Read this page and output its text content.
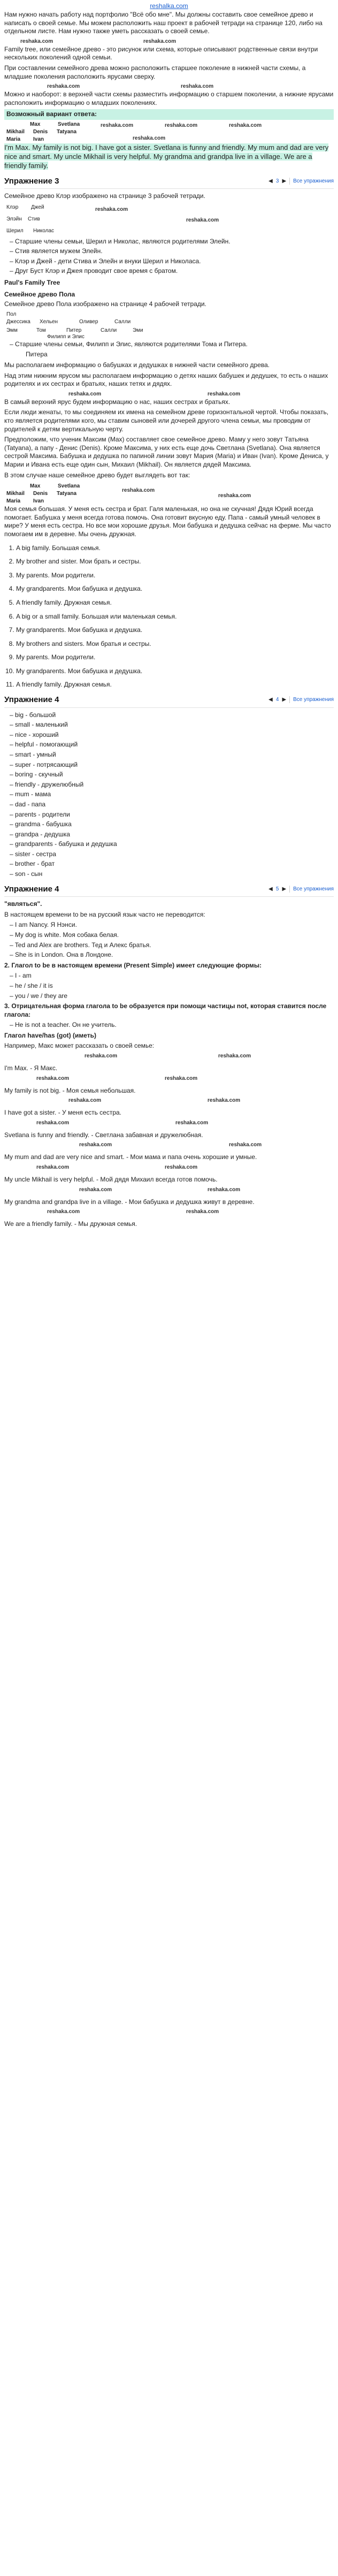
reshalka.com

Нам нужно начать работу над портфолио "Всё обо мне". Мы должны составить свое семейное древо и написать о своей семье. Мы можем расположить наш проект в рабочей тетради на странице 120, либо на отдельном листе. Нам нужно также уметь рассказать о своей семье.

reshaka.com	reshaka.com

Family tree, или семейное древо - это рисунок или схема, которые описывают родственные связи внутри нескольких поколений одной семьи.

При составлении семейного древа можно расположить старшее поколение в нижней части схемы, а младшие поколения расположить ярусами сверху.

reshaka.com	reshaka.com

Можно и наоборот: в верхней части схемы разместить информацию о старшем поколении, а нижние ярусами расположить информацию о младших поколениях.

Возможный вариант ответа:
Max	Svetlana
Mikhail Denis Tatyana
Maria Ivan
reshaka.com	reshaka.com	reshaka.com
reshaka.com

I'm Max. My family is not big. I have got a sister. Svetlana is funny and friendly. My mum and dad are very nice and smart. My uncle Mikhail is very helpful. My grandma and grandpa live in a village. We are a friendly family.

Упражнение 3	◀ 3 ▶	Все упражнения

Семейное древо Клэр изображено на странице 3 рабочей тетради.

Клэр Джей
Элэйн Стив
Николас
Шерил
reshaka.com
reshaka.com
– Старшие члены семьи, Шерил и Николас, являются родителями Элейн.
– Стив является мужем Элейн.
– Клэр и Джей - дети Стива и Элейн и внуки Шерил и Николаса.
– Друг Буст Клэр и Джея проводит свое время с братом.
Paul's Family Tree
Семейное древо Пола

Семейное древо Пола изображено на странице 4 рабочей тетради.

Пол
Джессика Хельен	Оливер	Салли
Эмм	Том	Питер	Салли	Эми
Филипп и Элис
– Старшие члены семьи, Филипп и Элис, являются родителями Тома и Питера.

Питера

Мы располагаем информацию о бабушках и дедушках в нижней части семейного древа.

Над этим нижним ярусом мы располагаем информацию о детях наших бабушек и дедушек, то есть о наших родителях и их сестрах и братьях, наших тетях и дядях.

reshaka.com	reshaka.com

В самый верхний ярус будем информацию о нас, наших сестрах и братьях.

Если люди женаты, то мы соединяем их имена на семейном древе горизонтальной чертой. Чтобы показать, кто является родителями кого, мы ставим сыновей или дочерей другого члена семьи, мы проводим от родителей к детям вертикальную черту.

Предположим, что ученик Максим (Max) составляет свое семейное древо. Маму у него зовут Татьяна (Tatyana), а папу - Денис (Denis). Кроме Максима, у них есть еще дочь Светлана (Svetlana). Она является сестрой Максима. Бабушка и дедушка по папиной линии зовут Мария (Maria) и Иван (Ivan). Кроме Дениса, у Марии и Ивана есть еще один сын, Михаил (Mikhail). Он является дядей Максима.

В этом случае наше семейное древо будет выглядеть вот так:

Max	Svetlana
Mikhail Denis Tatyana
Maria Ivan
reshaka.com
reshaka.com

Моя семья большая. У меня есть сестра и брат. Галя маленькая, но она не скучная! Дядя Юрий всегда помогает. Бабушка у меня всегда готова помочь. Она готовит вкусную еду. Папа - самый умный человек в мире? У меня есть сестра. Но все мои хорошие друзья. Мои бабушка и дедушка сейчас на ферме. Мы часто помогаем им в деревне. Мы очень дружная.

1. A big family. Большая семья.
2. My brother and sister. Мои брать и сестры.
3. My parents. Мои родители.
4. My grandparents. Мои бабушка и дедушка.
5. A friendly family. Дружная семья.
6. A big or a small family. Большая или маленькая семья.
7. My grandparents. Мои бабушка и дедушка.
8. My brothers and sisters. Мои братья и сестры.
9. My parents. Мои родители.
10. My grandparents. Мои бабушка и дедушка.
11. A friendly family. Дружная семья.
Упражнение 4	◀ 4 ▶	Все упражнения
– big - большой
– small - маленький
– nice - хороший
– helpful - помогающий
– smart - умный
– super - потрясающий
– boring - скучный
– friendly - дружелюбный
– mum - мама
– dad - папа
– parents - родители
– grandma - бабушка
– grandpa - дедушка
– grandparents - бабушка и дедушка
– sister - сестра
– brother - брат
– son - сын
Упражнение 4	◀ 5 ▶	Все упражнения

"являться".

В настоящем времени to be на русский язык часто не переводится:

– I am Nancy. Я Нэнси.
– My dog is white. Моя собака белая.
– Ted and Alex are brothers. Тед и Алекс братья.
– She is in London. Она в Лондоне.

2. Глагол to be в настоящем времени (Present Simple) имеет следующие формы:

– I - am
– he / she / it is
– you / we / they are

3. Отрицательная форма глагола to be образуется при помощи частицы not, которая ставится после глагола:

– He is not a teacher. Он не учитель.

Глагол have/has (got) (иметь)

Например, Макс может рассказать о своей семье:

reshaka.com	reshaka.com

I'm Max. - Я Макс.

reshaka.com	reshaka.com

My family is not big. - Моя семья небольшая.

reshaka.com	reshaka.com

I have got a sister. - У меня есть сестра.

reshaka.com	reshaka.com

Svetlana is funny and friendly. - Светлана забавная и дружелюбная.

reshaka.com	reshaka.com

My mum and dad are very nice and smart. - Мои мама и папа очень хорошие и умные.

reshaka.com	reshaka.com

My uncle Mikhail is very helpful. - Мой дядя Михаил всегда готов помочь.

reshaka.com	reshaka.com

My grandma and grandpa live in a village. - Мои бабушка и дедушка живут в деревне.

reshaka.com	reshaka.com

We are a friendly family. - Мы дружная семья.
